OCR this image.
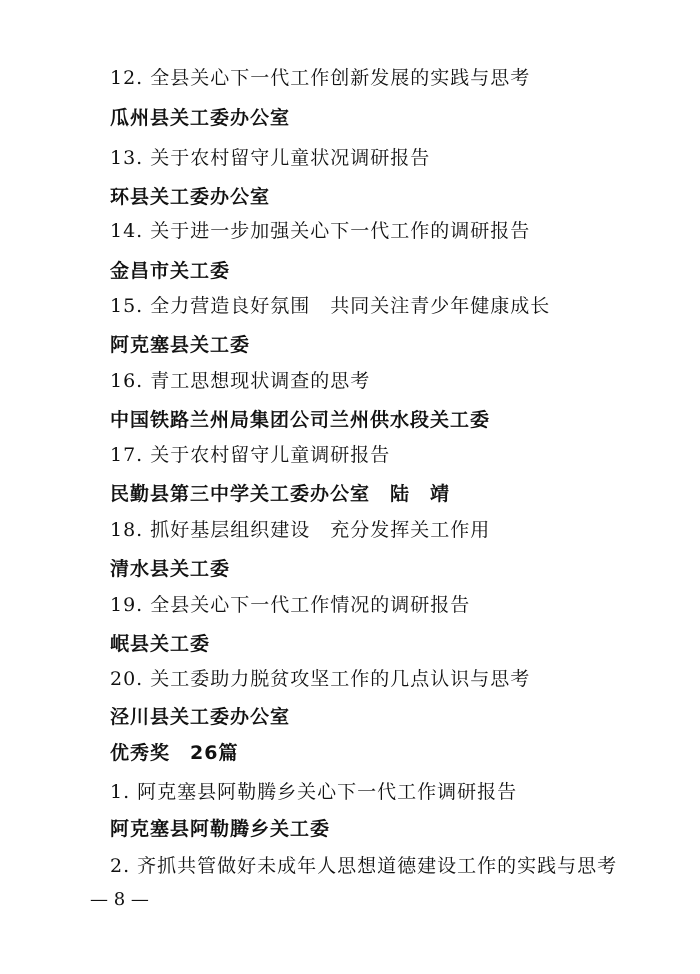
12. 全县关心下一代工作创新发展的实践与思考
瓜州县关工委办公室
13. 关于农村留守儿童状况调研报告
环县关工委办公室
14. 关于进一步加强关心下一代工作的调研报告
金昌市关工委
15. 全力营造良好氛围　共同关注青少年健康成长
阿克塞县关工委
16. 青工思想现状调查的思考
中国铁路兰州局集团公司兰州供水段关工委
17. 关于农村留守儿童调研报告
民勤县第三中学关工委办公室　陆　靖
18. 抓好基层组织建设　充分发挥关工作用
清水县关工委
19. 全县关心下一代工作情况的调研报告
岷县关工委
20. 关工委助力脱贫攻坚工作的几点认识与思考
泾川县关工委办公室
优秀奖　26篇
1. 阿克塞县阿勒腾乡关心下一代工作调研报告
阿克塞县阿勒腾乡关工委
2. 齐抓共管做好未成年人思想道德建设工作的实践与思考
— 8 —
